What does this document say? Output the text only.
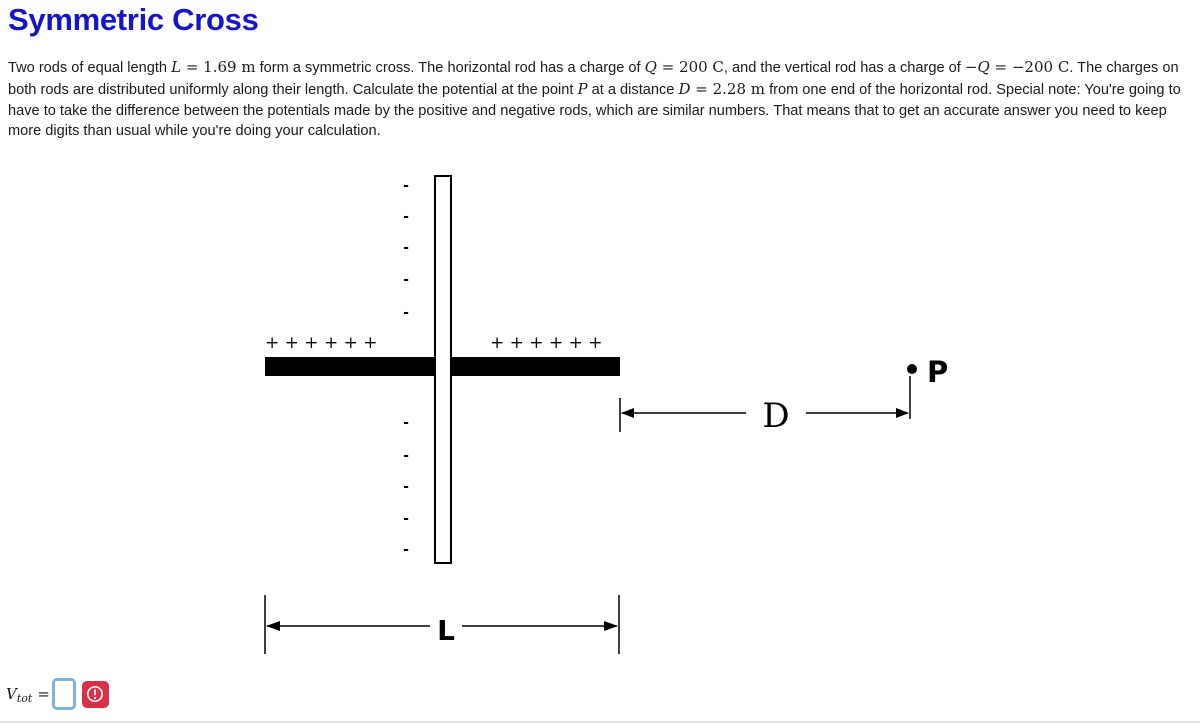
Symmetric Cross
Two rods of equal length L = 1.69 m form a symmetric cross. The horizontal rod has a charge of Q = 200 C, and the vertical rod has a charge of −Q = −200 C. The charges on both rods are distributed uniformly along their length. Calculate the potential at the point P at a distance D = 2.28 m from one end of the horizontal rod. Special note: You're going to have to take the difference between the potentials made by the positive and negative rods, which are similar numbers. That means that to get an accurate answer you need to keep more digits than usual while you're doing your calculation.
+ + + + + +	+ + + + + +
-
-
-
-
-
-
-
-
-
-
L
D
P
$V_{tot}$ =
